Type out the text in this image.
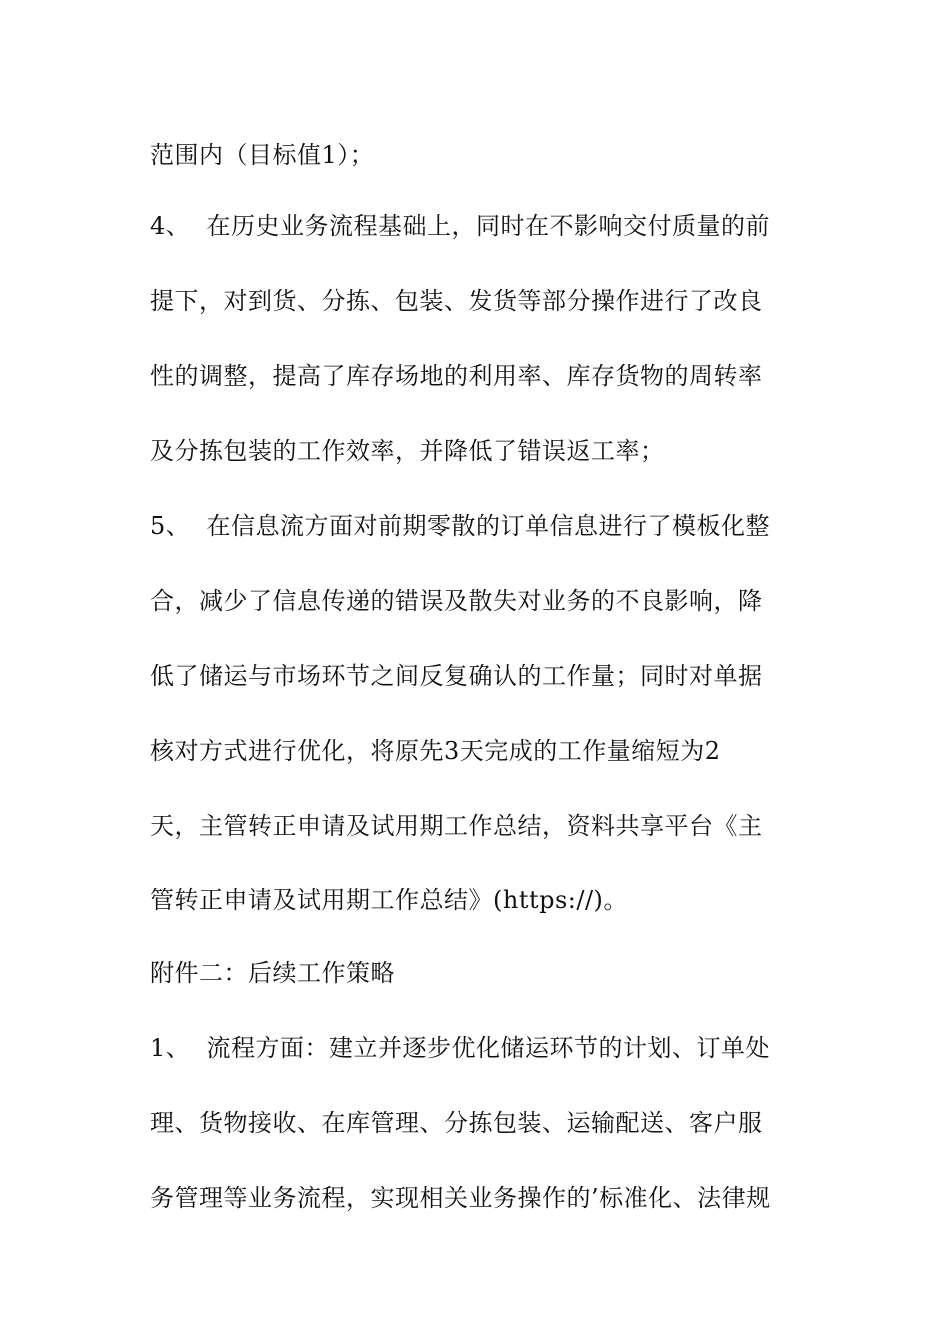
范围内（目标值1）；
4、  在历史业务流程基础上，同时在不影响交付质量的前
提下，对到货、分拣、包装、发货等部分操作进行了改良
性的调整，提高了库存场地的利用率、库存货物的周转率
及分拣包装的工作效率，并降低了错误返工率；
5、  在信息流方面对前期零散的订单信息进行了模板化整
合，减少了信息传递的错误及散失对业务的不良影响，降
低了储运与市场环节之间反复确认的工作量；同时对单据
核对方式进行优化，将原先3天完成的工作量缩短为2
天，主管转正申请及试用期工作总结，资料共享平台《主
管转正申请及试用期工作总结》(https://)。
附件二：后续工作策略
1、  流程方面：建立并逐步优化储运环节的计划、订单处
理、货物接收、在库管理、分拣包装、运输配送、客户服
务管理等业务流程，实现相关业务操作的’标准化、法律规
